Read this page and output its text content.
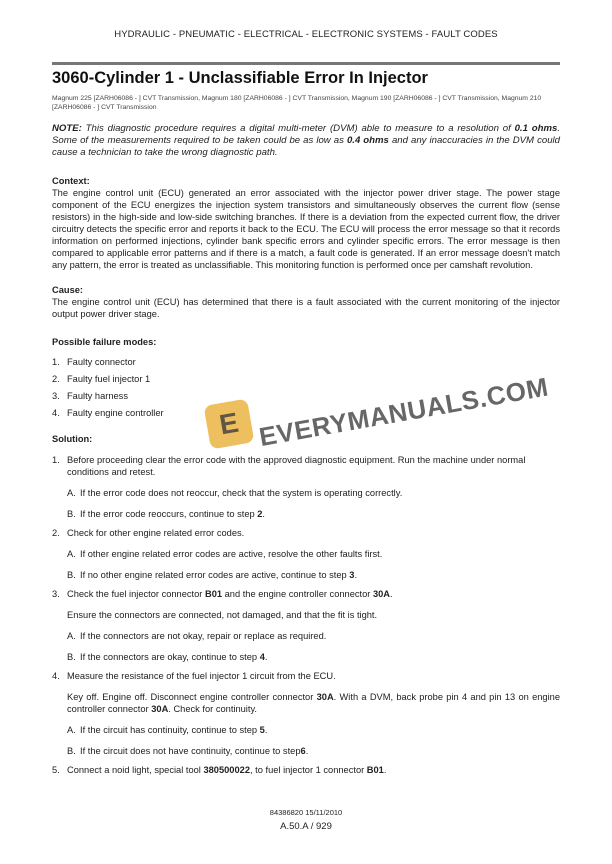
HYDRAULIC - PNEUMATIC - ELECTRICAL - ELECTRONIC SYSTEMS - FAULT CODES
3060-Cylinder 1 - Unclassifiable Error In Injector
Magnum 225 [ZARH06086 - ] CVT Transmission, Magnum 180 [ZARH06086 - ] CVT Transmission, Magnum 190 [ZARH06086 - ] CVT Transmission, Magnum 210 [ZARH06086 - ] CVT Transmission
NOTE: This diagnostic procedure requires a digital multi-meter (DVM) able to measure to a resolution of 0.1 ohms. Some of the measurements required to be taken could be as low as 0.4 ohms and any inaccuracies in the DVM could cause a technician to take the wrong diagnostic path.

Context:

The engine control unit (ECU) generated an error associated with the injector power driver stage. The power stage component of the ECU energizes the injection system transistors and simultaneously observes the current flow (sense resistors) in the high-side and low-side switching branches. If there is a deviation from the expected current flow, the driver circuitry detects the specific error and reports it back to the ECU. The ECU will process the error message so that it records information on performed injections, cylinder bank specific errors and cylinder specific errors. The error message is then compared to applicable error patterns and if there is a match, a fault code is generated. If an error message doesn't match any pattern, the error is treated as unclassifiable. This monitoring function is performed once per camshaft revolution.

Cause:

The engine control unit (ECU) has determined that there is a fault associated with the current monitoring of the injector output power driver stage.

Possible failure modes:

1. Faulty connector
2. Faulty fuel injector 1
3. Faulty harness
4. Faulty engine controller

Solution:

1. Before proceeding clear the error code with the approved diagnostic equipment. Run the machine under normal conditions and retest.
A. If the error code does not reoccur, check that the system is operating correctly.
B. If the error code reoccurs, continue to step 2.
2. Check for other engine related error codes.
A. If other engine related error codes are active, resolve the other faults first.
B. If no other engine related error codes are active, continue to step 3.
3. Check the fuel injector connector B01 and the engine controller connector 30A.

Ensure the connectors are connected, not damaged, and that the fit is tight.

A. If the connectors are not okay, repair or replace as required.
B. If the connectors are okay, continue to step 4.
4. Measure the resistance of the fuel injector 1 circuit from the ECU.

Key off. Engine off. Disconnect engine controller connector 30A. With a DVM, back probe pin 4 and pin 13 on engine controller connector 30A. Check for continuity.

A. If the circuit has continuity, continue to step 5.
B. If the circuit does not have continuity, continue to step6.
5. Connect a noid light, special tool 380500022, to fuel injector 1 connector B01.
E EVERYMANUALS.COM
84386820 15/11/2010
A.50.A / 929
